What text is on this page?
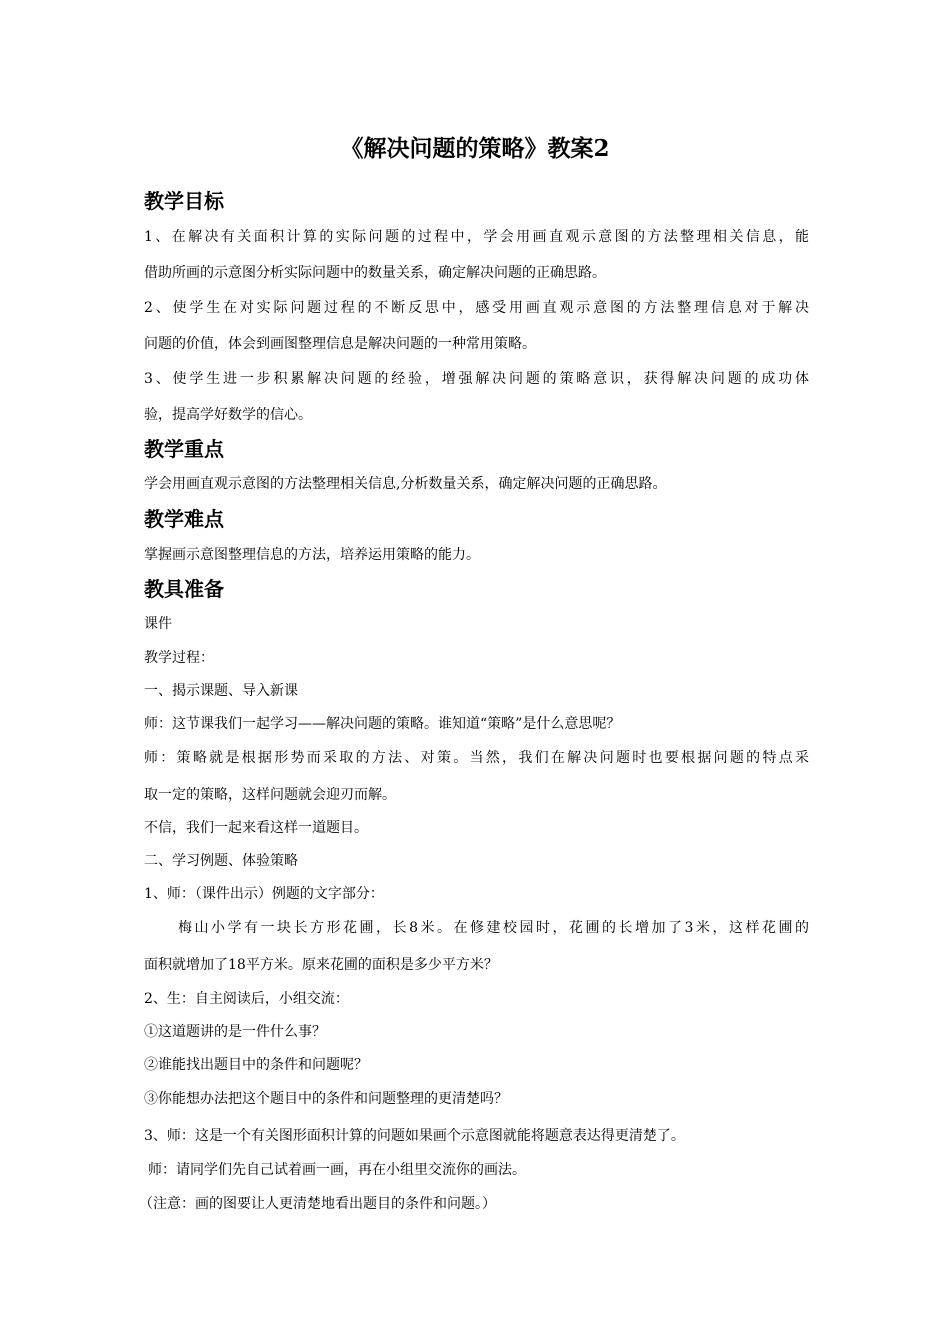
《解决问题的策略》教案2
教学目标

1、在解决有关面积计算的实际问题的过程中，学会用画直观示意图的方法整理相关信息，能

借助所画的示意图分析实际问题中的数量关系，确定解决问题的正确思路。

2、使学生在对实际问题过程的不断反思中，感受用画直观示意图的方法整理信息对于解决

问题的价值，体会到画图整理信息是解决问题的一种常用策略。

3、使学生进一步积累解决问题的经验，增强解决问题的策略意识，获得解决问题的成功体

验，提高学好数学的信心。

教学重点

学会用画直观示意图的方法整理相关信息,分析数量关系，确定解决问题的正确思路。

教学难点

掌握画示意图整理信息的方法，培养运用策略的能力。

教具准备

课件

教学过程：

一、揭示课题、导入新课

师：这节课我们一起学习——解决问题的策略。谁知道“策略”是什么意思呢？

师：策略就是根据形势而采取的方法、对策。当然，我们在解决问题时也要根据问题的特点采

取一定的策略，这样问题就会迎刃而解。

不信，我们一起来看这样一道题目。

二、学习例题、体验策略

1、师：（课件出示）例题的文字部分：

梅山小学有一块长方形花圃，长8米。在修建校园时，花圃的长增加了3米，这样花圃的

面积就增加了18平方米。原来花圃的面积是多少平方米？

2、生：自主阅读后，小组交流：

①这道题讲的是一件什么事？

②谁能找出题目中的条件和问题呢？

③你能想办法把这个题目中的条件和问题整理的更清楚吗？

3、师：这是一个有关图形面积计算的问题如果画个示意图就能将题意表达得更清楚了。

师：请同学们先自己试着画一画，再在小组里交流你的画法。

（注意：画的图要让人更清楚地看出题目的条件和问题。）
